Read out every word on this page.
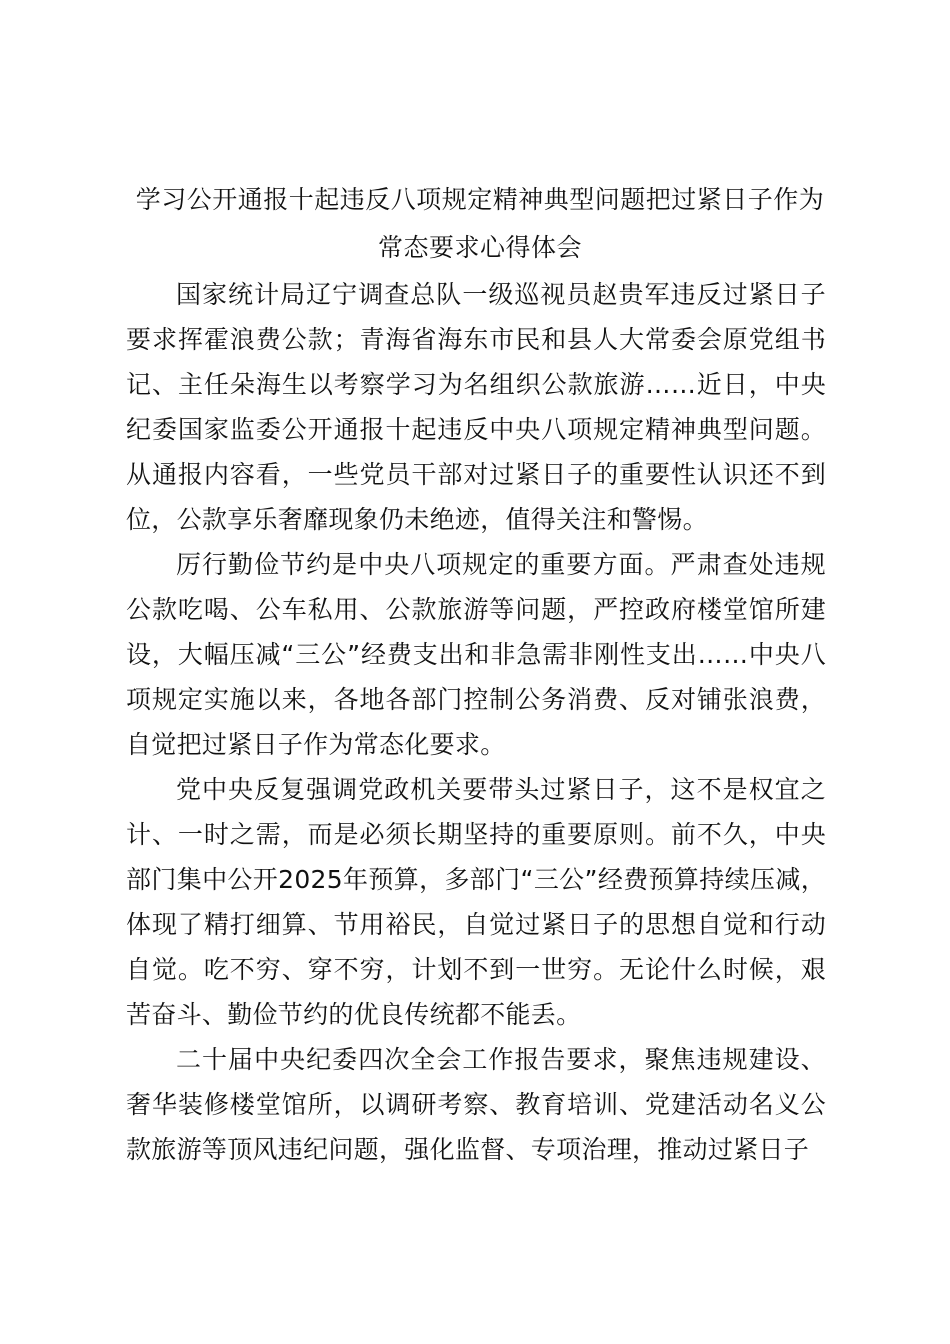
学习公开通报十起违反八项规定精神典型问题把过紧日子作为
常态要求心得体会

国家统计局辽宁调查总队一级巡视员赵贵军违反过紧日子要求挥霍浪费公款；青海省海东市民和县人大常委会原党组书记、主任朵海生以考察学习为名组织公款旅游……近日，中央纪委国家监委公开通报十起违反中央八项规定精神典型问题。从通报内容看，一些党员干部对过紧日子的重要性认识还不到位，公款享乐奢靡现象仍未绝迹，值得关注和警惕。

厉行勤俭节约是中央八项规定的重要方面。严肃查处违规公款吃喝、公车私用、公款旅游等问题，严控政府楼堂馆所建设，大幅压减“三公”经费支出和非急需非刚性支出……中央八项规定实施以来，各地各部门控制公务消费、反对铺张浪费，自觉把过紧日子作为常态化要求。

党中央反复强调党政机关要带头过紧日子，这不是权宜之计、一时之需，而是必须长期坚持的重要原则。前不久，中央部门集中公开2025年预算，多部门“三公”经费预算持续压减，体现了精打细算、节用裕民，自觉过紧日子的思想自觉和行动自觉。吃不穷、穿不穷，计划不到一世穷。无论什么时候，艰苦奋斗、勤俭节约的优良传统都不能丢。

二十届中央纪委四次全会工作报告要求，聚焦违规建设、奢华装修楼堂馆所，以调研考察、教育培训、党建活动名义公款旅游等顶风违纪问题，强化监督、专项治理，推动过紧日子
